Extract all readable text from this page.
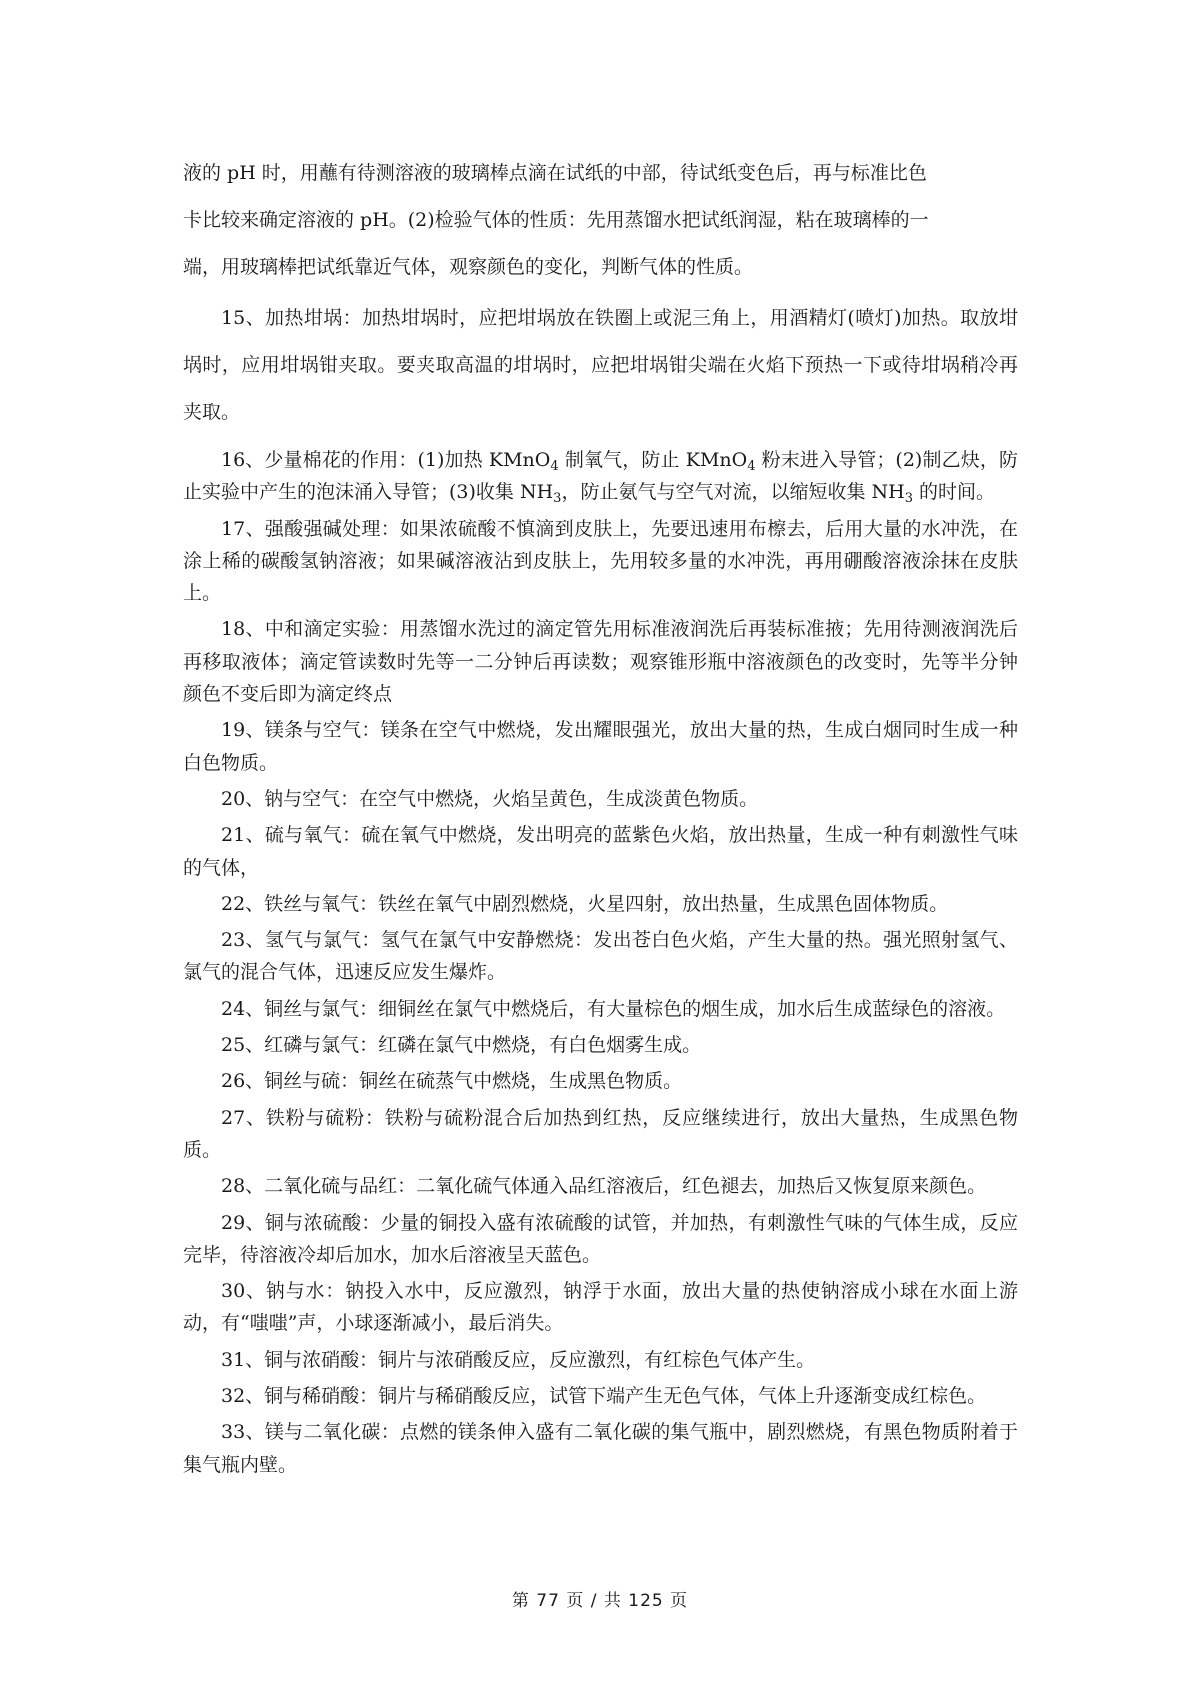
液的 pH 时，用蘸有待测溶液的玻璃棒点滴在试纸的中部，待试纸变色后，再与标准比色
卡比较来确定溶液的 pH。(2)检验气体的性质：先用蒸馏水把试纸润湿，粘在玻璃棒的一
端，用玻璃棒把试纸靠近气体，观察颜色的变化，判断气体的性质。

15、加热坩埚：加热坩埚时，应把坩埚放在铁圈上或泥三角上，用酒精灯(喷灯)加热。取放坩埚时，应用坩埚钳夹取。要夹取高温的坩埚时，应把坩埚钳尖端在火焰下预热一下或待坩埚稍冷再夹取。

16、少量棉花的作用：(1)加热 KMnO$_4$ 制氧气，防止 KMnO$_4$ 粉末进入导管；(2)制乙炔，防止实验中产生的泡沫涌入导管；(3)收集 $NH_3$，防止氨气与空气对流，以缩短收集 $NH_3$ 的时间。

17、强酸强碱处理：如果浓硫酸不慎滴到皮肤上，先要迅速用布檫去，后用大量的水冲洗，在涂上稀的碳酸氢钠溶液；如果碱溶液沾到皮肤上，先用较多量的水冲洗，再用硼酸溶液涂抹在皮肤上。

18、中和滴定实验：用蒸馏水洗过的滴定管先用标准液润洗后再装标准掖；先用待测液润洗后再移取液体；滴定管读数时先等一二分钟后再读数；观察锥形瓶中溶液颜色的改变时，先等半分钟颜色不变后即为滴定终点

19、镁条与空气：镁条在空气中燃烧，发出耀眼强光，放出大量的热，生成白烟同时生成一种白色物质。

20、钠与空气：在空气中燃烧，火焰呈黄色，生成淡黄色物质。

21、硫与氧气：硫在氧气中燃烧，发出明亮的蓝紫色火焰，放出热量，生成一种有刺激性气味的气体，

22、铁丝与氧气：铁丝在氧气中剧烈燃烧，火星四射，放出热量，生成黑色固体物质。

23、氢气与氯气：氢气在氯气中安静燃烧：发出苍白色火焰，产生大量的热。强光照射氢气、氯气的混合气体，迅速反应发生爆炸。

24、铜丝与氯气：细铜丝在氯气中燃烧后，有大量棕色的烟生成，加水后生成蓝绿色的溶液。

25、红磷与氯气：红磷在氯气中燃烧，有白色烟雾生成。

26、铜丝与硫：铜丝在硫蒸气中燃烧，生成黑色物质。

27、铁粉与硫粉：铁粉与硫粉混合后加热到红热，反应继续进行，放出大量热，生成黑色物质。

28、二氧化硫与品红：二氧化硫气体通入品红溶液后，红色褪去，加热后又恢复原来颜色。

29、铜与浓硫酸：少量的铜投入盛有浓硫酸的试管，并加热，有刺激性气味的气体生成，反应完毕，待溶液冷却后加水，加水后溶液呈天蓝色。

30、钠与水：钠投入水中，反应激烈，钠浮于水面，放出大量的热使钠溶成小球在水面上游动，有“嗤嗤”声，小球逐渐减小，最后消失。

31、铜与浓硝酸：铜片与浓硝酸反应，反应激烈，有红棕色气体产生。

32、铜与稀硝酸：铜片与稀硝酸反应，试管下端产生无色气体，气体上升逐渐变成红棕色。

33、镁与二氧化碳：点燃的镁条伸入盛有二氧化碳的集气瓶中，剧烈燃烧，有黑色物质附着于集气瓶内壁。

第 77 页 / 共 125 页
